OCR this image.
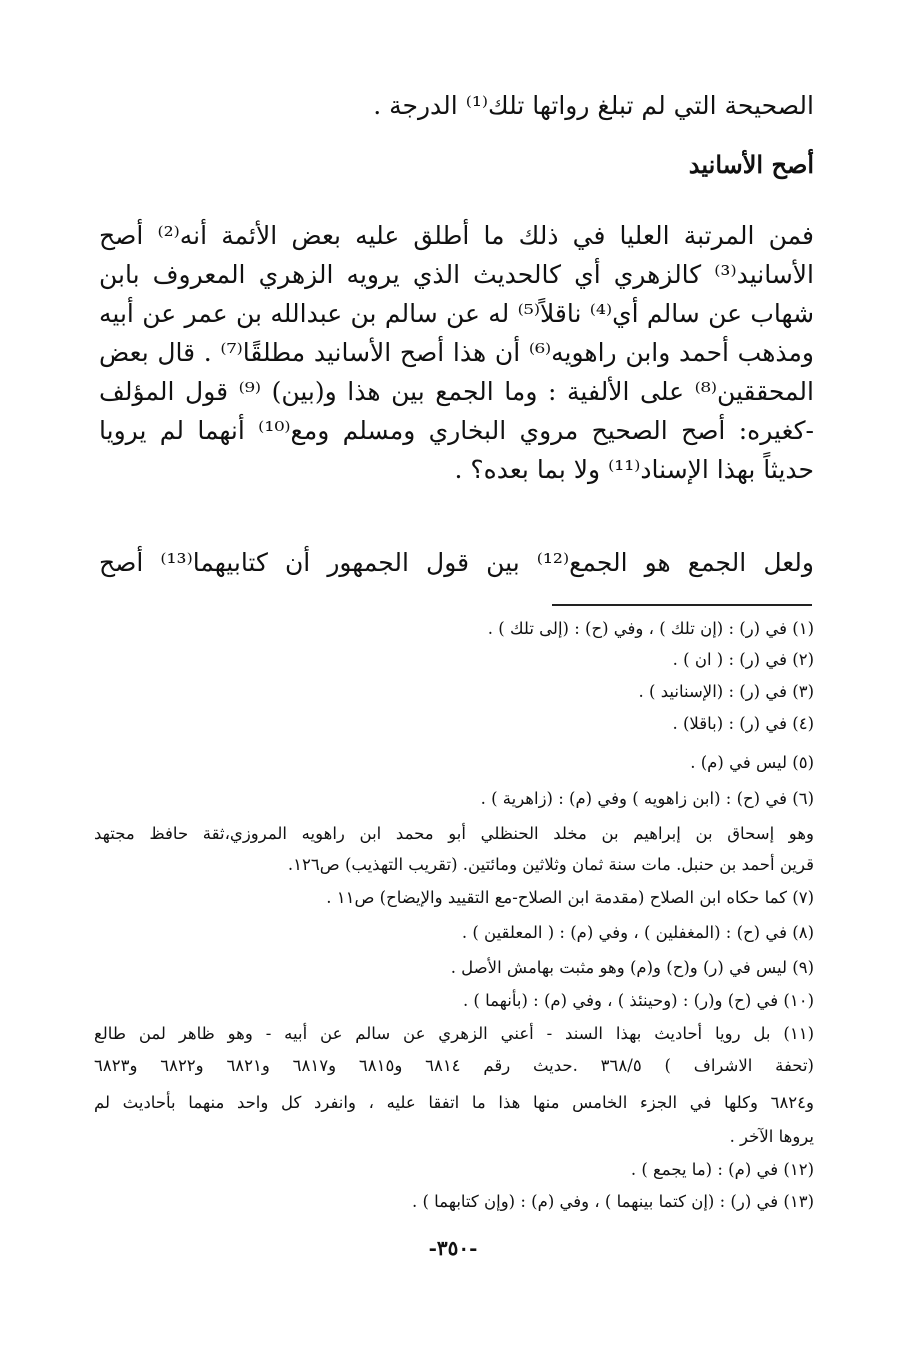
الصحيحة التي لم تبلغ رواتها تلك⁽¹⁾ الدرجة .
أصح الأسانيد
فمن المرتبة العليا في ذلك ما أطلق عليه بعض الأئمة أنه⁽²⁾ أصح
الأسانيد⁽³⁾ كالزهري أي كالحديث الذي يرويه الزهري المعروف بابن
شهاب عن سالم أي⁽⁴⁾ ناقلاً⁽⁵⁾ له عن سالم بن عبدالله بن عمر عن أبيه
ومذهب أحمد وابن راهويه⁽⁶⁾ أن هذا أصح الأسانيد مطلقًا⁽⁷⁾ . قال بعض
المحققين⁽⁸⁾ على الألفية : وما الجمع بين هذا و(بين) ⁽⁹⁾ قول المؤلف
-كغيره: أصح الصحيح مروي البخاري ومسلم ومع⁽¹⁰⁾ أنهما لم يرويا
حديثاً بهذا الإسناد⁽¹¹⁾ ولا بما بعده؟ .
ولعل الجمع هو الجمع⁽¹²⁾ بين قول الجمهور أن كتابيهما⁽¹³⁾ أصح
(١) في (ر) : (إن تلك ) ، وفي (ح) : (إلى تلك ) .
(٢) في (ر) : ( ان ) .
(٣) في (ر) : (الإسنانيد ) .
(٤) في (ر) : (باقلا) .
(٥) ليس في (م) .
(٦) في (ح) : (ابن زاهويه ) وفي (م) : (زاهرية ) .
وهو إسحاق بن إبراهيم بن مخلد الحنظلي أبو محمد ابن راهويه المروزي،ثقة حافظ مجتهد
قرين أحمد بن حنبل. مات سنة ثمان وثلاثين ومائتين. (تقريب التهذيب) ص١٢٦.
(٧) كما حكاه ابن الصلاح (مقدمة ابن الصلاح-مع التقييد والإيضاح) ص١١ .
(٨) في (ح) : (المغفلين ) ، وفي (م) : ( المعلقين ) .
(٩) ليس في (ر) و(ح) و(م) وهو مثبت بهامش الأصل .
(١٠) في (ح) و(ر) : (وحينئذ ) ، وفي (م) : (بأنهما ) .
(١١) بل رويا أحاديث بهذا السند - أعني الزهري عن سالم عن أبيه - وهو ظاهر لمن طالع
(تحفة الاشراف ) ٣٦٨/٥ .حديث رقم ٦٨١٤ و٦٨١٥ و٦٨١٧ و٦٨٢١ و٦٨٢٢ و٦٨٢٣
و٦٨٢٤ وكلها في الجزء الخامس منها هذا ما اتفقا عليه ، وانفرد كل واحد منهما بأحاديث لم
يروها الآخر .
(١٢) في (م) : (ما يجمع ) .
(١٣) في (ر) : (إن كتما بينهما ) ، وفي (م) : (وإن كتابهما ) .
-٣٥٠-
